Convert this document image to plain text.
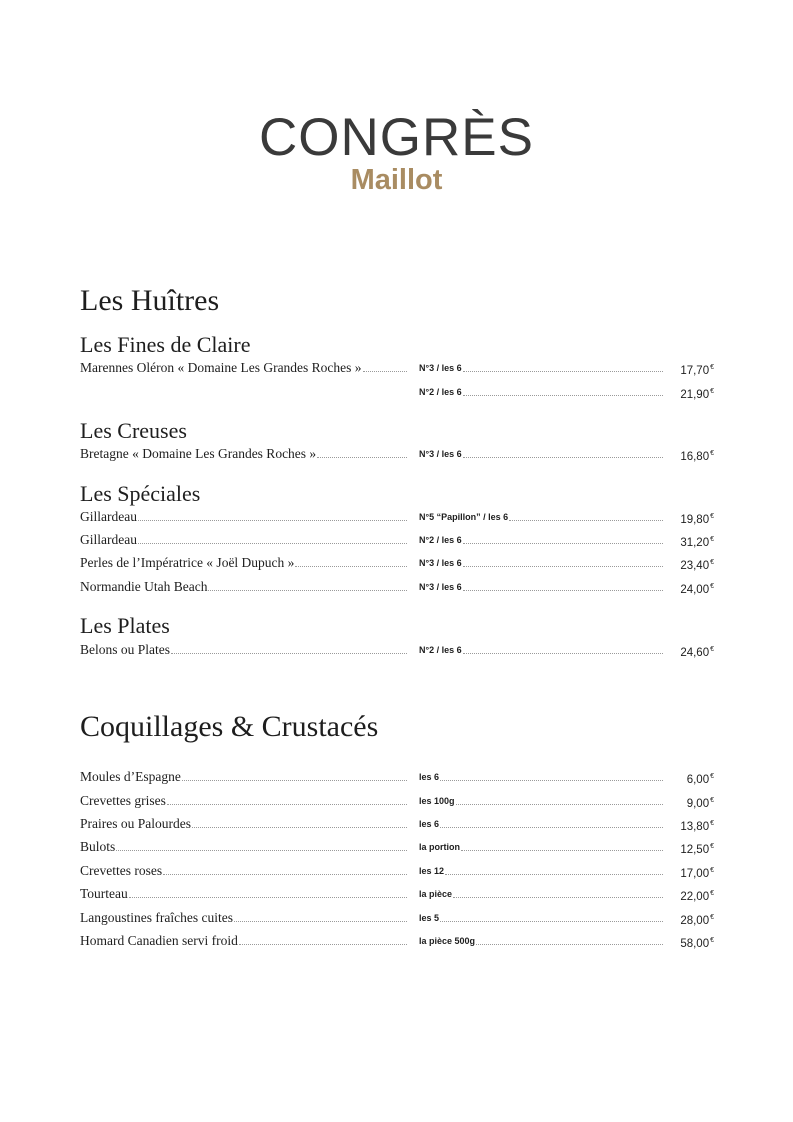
CONGRÈS
Maillot
Les Huîtres
Les Fines de Claire
Marennes Oléron « Domaine Les Grandes Roches »	N°3 / les 6	17,70€
N°2 / les 6	21,90€
Les Creuses
Bretagne « Domaine Les Grandes Roches »	N°3 / les 6	16,80€
Les Spéciales
Gillardeau	N°5 “Papillon” / les 6	19,80€
Gillardeau	N°2 / les 6	31,20€
Perles de l’Impératrice « Joël Dupuch »	N°3 / les 6	23,40€
Normandie Utah Beach	N°3 / les 6	24,00€
Les Plates
Belons ou Plates	N°2 / les 6	24,60€
Coquillages & Crustacés
Moules d’Espagne	les 6	6,00€
Crevettes grises	les 100g	9,00€
Praires ou Palourdes	les 6	13,80€
Bulots	la portion	12,50€
Crevettes roses	les 12	17,00€
Tourteau	la pièce	22,00€
Langoustines fraîches cuites	les 5	28,00€
Homard Canadien servi froid	la pièce 500g	58,00€
